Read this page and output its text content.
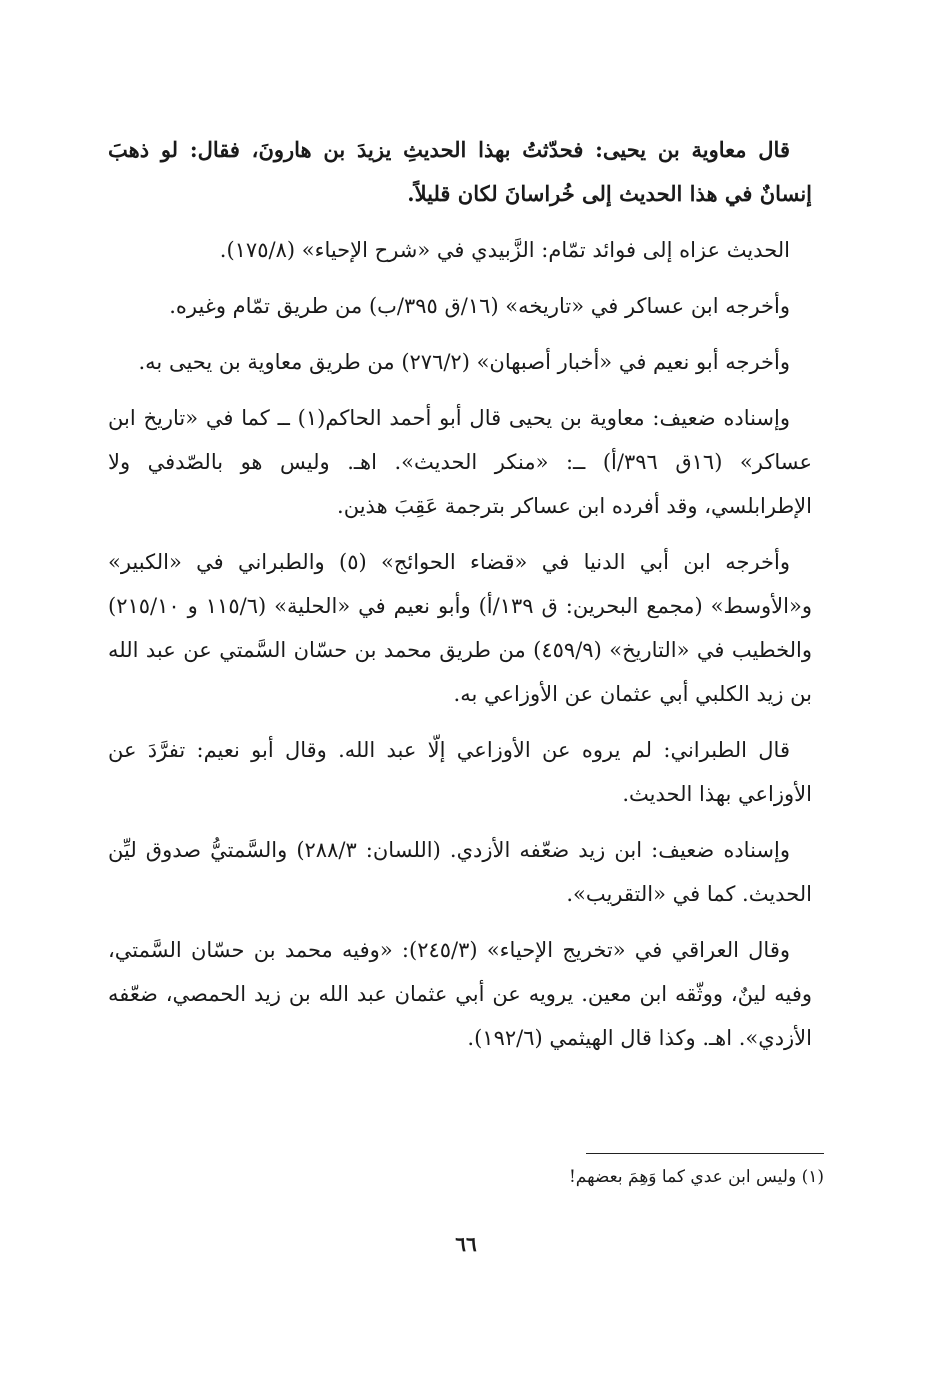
قال معاوية بن يحيى: فحدّثتُ بهذا الحديثِ يزيدَ بن هارونَ، فقال: لو ذهبَ إنسانٌ في هذا الحديث إلى خُراسانَ لكان قليلاً.

الحديث عزاه إلى فوائد تمّام: الزَّبيدي في «شرح الإحياء» (١٧٥/٨).

وأخرجه ابن عساكر في «تاريخه» (١٦/ق ٣٩٥/ب) من طريق تمّام وغيره.

وأخرجه أبو نعيم في «أخبار أصبهان» (٢٧٦/٢) من طريق معاوية بن يحيى به.

وإسناده ضعيف: معاوية بن يحيى قال أبو أحمد الحاكم(١) ــ كما في «تاريخ ابن عساكر» (١٦ق ٣٩٦/أ) ــ: «منكر الحديث». اهـ. وليس هو بالصّدفي ولا الإطرابلسي، وقد أفرده ابن عساكر بترجمة عَقِبَ هذين.

وأخرجه ابن أبي الدنيا في «قضاء الحوائج» (٥) والطبراني في «الكبير» و«الأوسط» (مجمع البحرين: ق ١٣٩/أ) وأبو نعيم في «الحلية» (١١٥/٦ و ٢١٥/١٠) والخطيب في «التاريخ» (٤٥٩/٩) من طريق محمد بن حسّان السَّمتي عن عبد الله بن زيد الكلبي أبي عثمان عن الأوزاعي به.

قال الطبراني: لم يروه عن الأوزاعي إلّا عبد الله. وقال أبو نعيم: تفرَّدَ عن الأوزاعي بهذا الحديث.

وإسناده ضعيف: ابن زيد ضعّفه الأزدي. (اللسان: ٢٨٨/٣) والسَّمتيُّ صدوق ليِّن الحديث. كما في «التقريب».

وقال العراقي في «تخريج الإحياء» (٢٤٥/٣): «وفيه محمد بن حسّان السَّمتي، وفيه لينٌ، ووثّقه ابن معين. يرويه عن أبي عثمان عبد الله بن زيد الحمصي، ضعّفه الأزدي». اهـ. وكذا قال الهيثمي (١٩٢/٦).

(١) وليس ابن عدي كما وَهِمَ بعضهم!
٦٦
